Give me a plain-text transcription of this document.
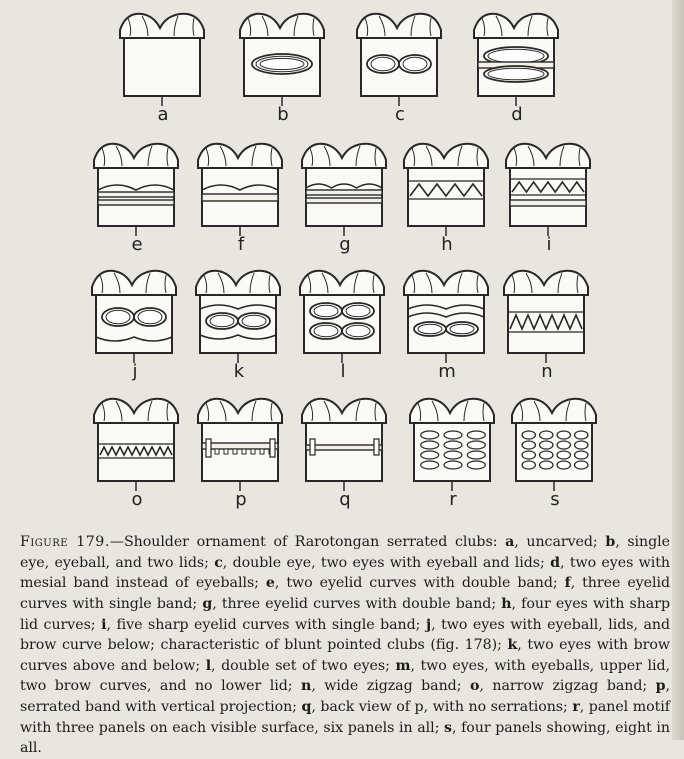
a	b	c	d
e	f	g	h	i
j	k	l	m	n
o	p	q	r	s

Figure 179.—Shoulder ornament of Rarotongan serrated clubs: a, uncarved; b, single eye, eyeball, and two lids; c, double eye, two eyes with eyeball and lids; d, two eyes with mesial band instead of eyeballs; e, two eyelid curves with double band; f, three eyelid curves with single band; g, three eyelid curves with double band; h, four eyes with sharp lid curves; i, five sharp eyelid curves with single band; j, two eyes with eyeball, lids, and brow curve below; characteristic of blunt pointed clubs (fig. 178); k, two eyes with brow curves above and below; l, double set of two eyes; m, two eyes, with eyeballs, upper lid, two brow curves, and no lower lid; n, wide zigzag band; o, narrow zigzag band; p, serrated band with vertical projection; q, back view of p, with no serrations; r, panel motif with three panels on each visible surface, six panels in all; s, four panels showing, eight in all.
